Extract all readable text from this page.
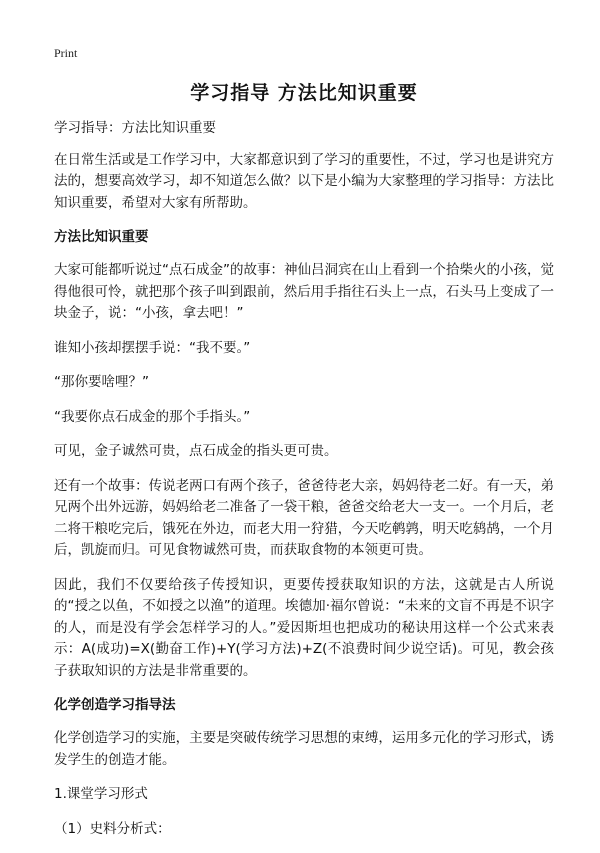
Print
学习指导 方法比知识重要

学习指导：方法比知识重要

在日常生活或是工作学习中，大家都意识到了学习的重要性，不过，学习也是讲究方法的，想要高效学习，却不知道怎么做？以下是小编为大家整理的学习指导：方法比知识重要，希望对大家有所帮助。

方法比知识重要

大家可能都听说过“点石成金”的故事：神仙吕洞宾在山上看到一个拾柴火的小孩，觉得他很可怜，就把那个孩子叫到跟前，然后用手指往石头上一点，石头马上变成了一块金子，说：“小孩，拿去吧！”

谁知小孩却摆摆手说：“我不要。”

“那你要啥哩？”

“我要你点石成金的那个手指头。”

可见，金子诚然可贵，点石成金的指头更可贵。

还有一个故事：传说老两口有两个孩子，爸爸待老大亲，妈妈待老二好。有一天，弟兄两个出外远游，妈妈给老二准备了一袋干粮，爸爸交给老大一支一。一个月后，老二将干粮吃完后，饿死在外边，而老大用一狩猎，今天吃鹌鹑，明天吃鸫鸪，一个月后，凯旋而归。可见食物诚然可贵，而获取食物的本领更可贵。

因此，我们不仅要给孩子传授知识，更要传授获取知识的方法，这就是古人所说的“授之以鱼，不如授之以渔”的道理。埃德加·福尔曾说：“未来的文盲不再是不识字的人，而是没有学会怎样学习的人。”爱因斯坦也把成功的秘诀用这样一个公式来表示：A(成功)=X(勤奋工作)+Y(学习方法)+Z(不浪费时间少说空话)。可见，教会孩子获取知识的方法是非常重要的。

化学创造学习指导法

化学创造学习的实施，主要是突破传统学习思想的束缚，运用多元化的学习形式，诱发学生的创造才能。

1.课堂学习形式

（1）史料分析式：
